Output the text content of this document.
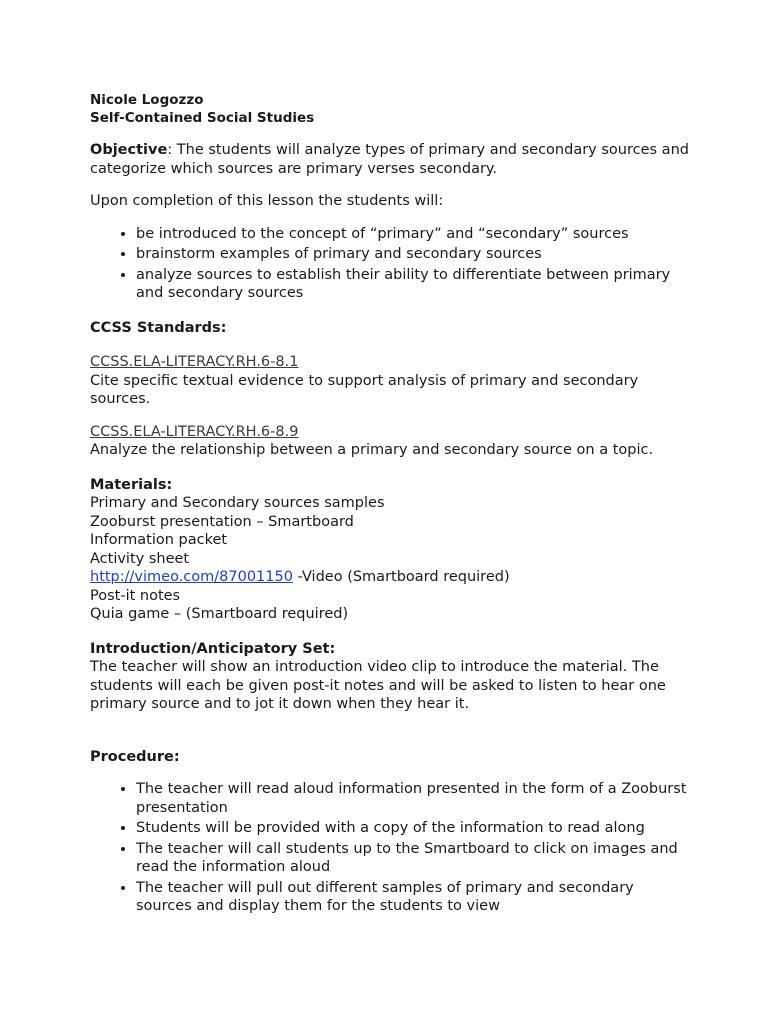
Nicole Logozzo
Self-Contained Social Studies

Objective: The students will analyze types of primary and secondary sources and categorize which sources are primary verses secondary.

Upon completion of this lesson the students will:

• be introduced to the concept of “primary” and “secondary” sources
• brainstorm examples of primary and secondary sources
• analyze sources to establish their ability to differentiate between primary and secondary sources

CCSS Standards:

CCSS.ELA-LITERACY.RH.6-8.1
Cite specific textual evidence to support analysis of primary and secondary sources.

CCSS.ELA-LITERACY.RH.6-8.9
Analyze the relationship between a primary and secondary source on a topic.

Materials:

Primary and Secondary sources samples
Zooburst presentation – Smartboard
Information packet
Activity sheet
http://vimeo.com/87001150 -Video (Smartboard required)
Post-it notes
Quia game – (Smartboard required)

Introduction/Anticipatory Set:

The teacher will show an introduction video clip to introduce the material. The students will each be given post-it notes and will be asked to listen to hear one primary source and to jot it down when they hear it.

Procedure:

• The teacher will read aloud information presented in the form of a Zooburst presentation
• Students will be provided with a copy of the information to read along
• The teacher will call students up to the Smartboard to click on images and read the information aloud
• The teacher will pull out different samples of primary and secondary sources and display them for the students to view
